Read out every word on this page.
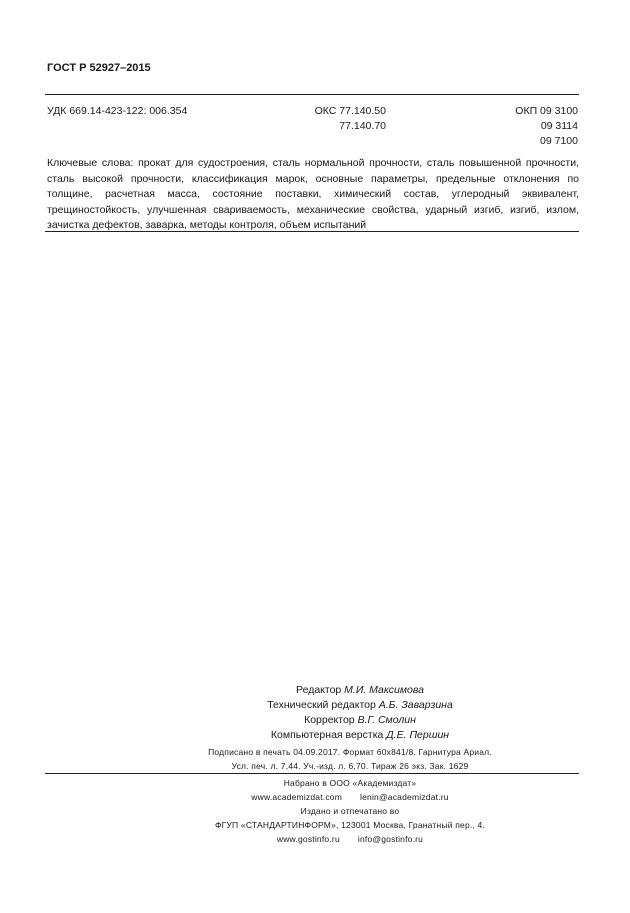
ГОСТ Р 52927–2015
УДК 669.14-423-122: 006.354	ОКС 77.140.50
77.140.70
ОКП 09 3100
09 3114
09 7100
Ключевые слова: прокат для судостроения, сталь нормальной прочности, сталь повышенной прочности, сталь высокой прочности, классификация марок, основные параметры, предельные отклонения по толщине, расчетная масса, состояние поставки, химический состав, углеродный эквивалент, трещиностойкость, улучшенная свариваемость, механические свойства, ударный изгиб, изгиб, излом, зачистка дефектов, заварка, методы контроля, объем испытаний
Редактор М.И. Максимова
Технический редактор А.Б. Заварзина
Корректор В.Г. Смолин
Компьютерная верстка Д.Е. Першин
Подписано в печать 04.09.2017. Формат 60x841/8. Гарнитура Ариал.
Усл. печ. л. 7,44. Уч.-изд. л. 6,70. Тираж 26 экз. Зак. 1629
Набрано в ООО «Академиздат»
www.academizdat.com lenin@academizdat.ru
Издано и отпечатано во
ФГУП «СТАНДАРТИНФОРМ», 123001 Москва, Гранатный пер., 4.
www.gostinfo.ru info@gostinfo.ru
